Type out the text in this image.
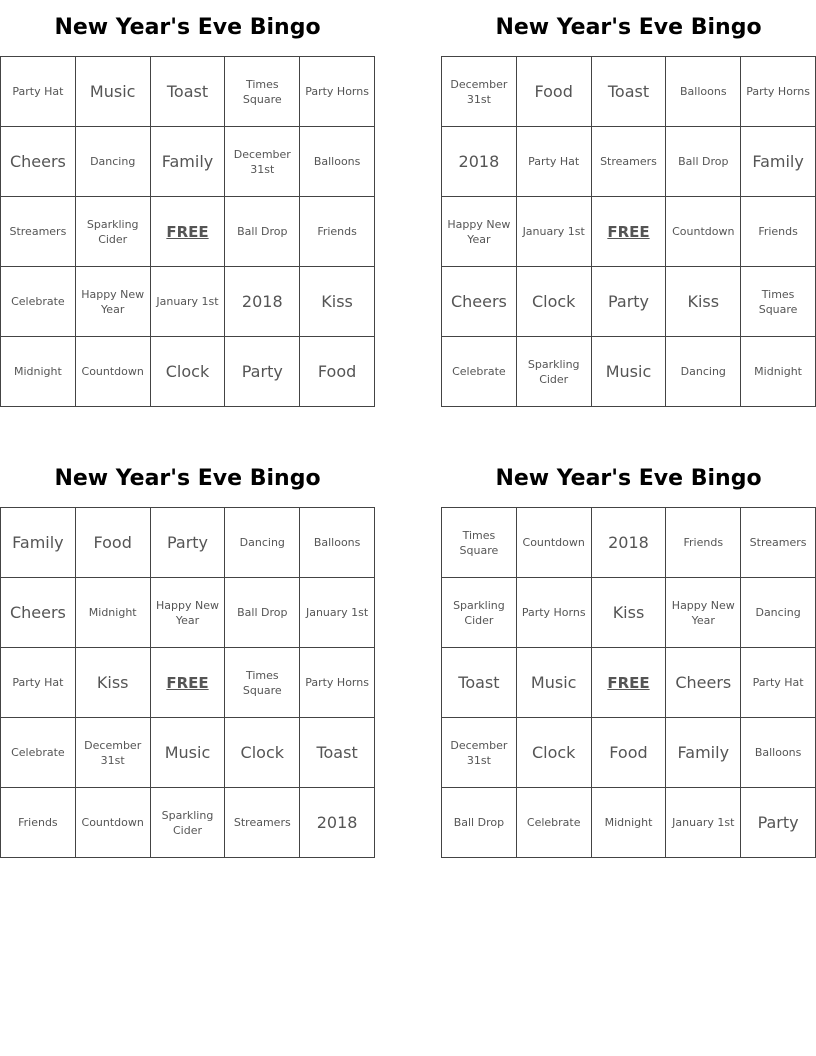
New Year's Eve Bingo
Party Hat	Music	Toast	Times Square	Party Horns
Cheers	Dancing	Family	December 31st	Balloons
Streamers	Sparkling Cider	FREE	Ball Drop	Friends
Celebrate	Happy New Year	January 1st	2018	Kiss
Midnight	Countdown	Clock	Party	Food
New Year's Eve Bingo
December 31st	Food	Toast	Balloons	Party Horns
2018	Party Hat	Streamers	Ball Drop	Family
Happy New Year	January 1st	FREE	Countdown	Friends
Cheers	Clock	Party	Kiss	Times Square
Celebrate	Sparkling Cider	Music	Dancing	Midnight
New Year's Eve Bingo
Family	Food	Party	Dancing	Balloons
Cheers	Midnight	Happy New Year	Ball Drop	January 1st
Party Hat	Kiss	FREE	Times Square	Party Horns
Celebrate	December 31st	Music	Clock	Toast
Friends	Countdown	Sparkling Cider	Streamers	2018
New Year's Eve Bingo
Times Square	Countdown	2018	Friends	Streamers
Sparkling Cider	Party Horns	Kiss	Happy New Year	Dancing
Toast	Music	FREE	Cheers	Party Hat
December 31st	Clock	Food	Family	Balloons
Ball Drop	Celebrate	Midnight	January 1st	Party
